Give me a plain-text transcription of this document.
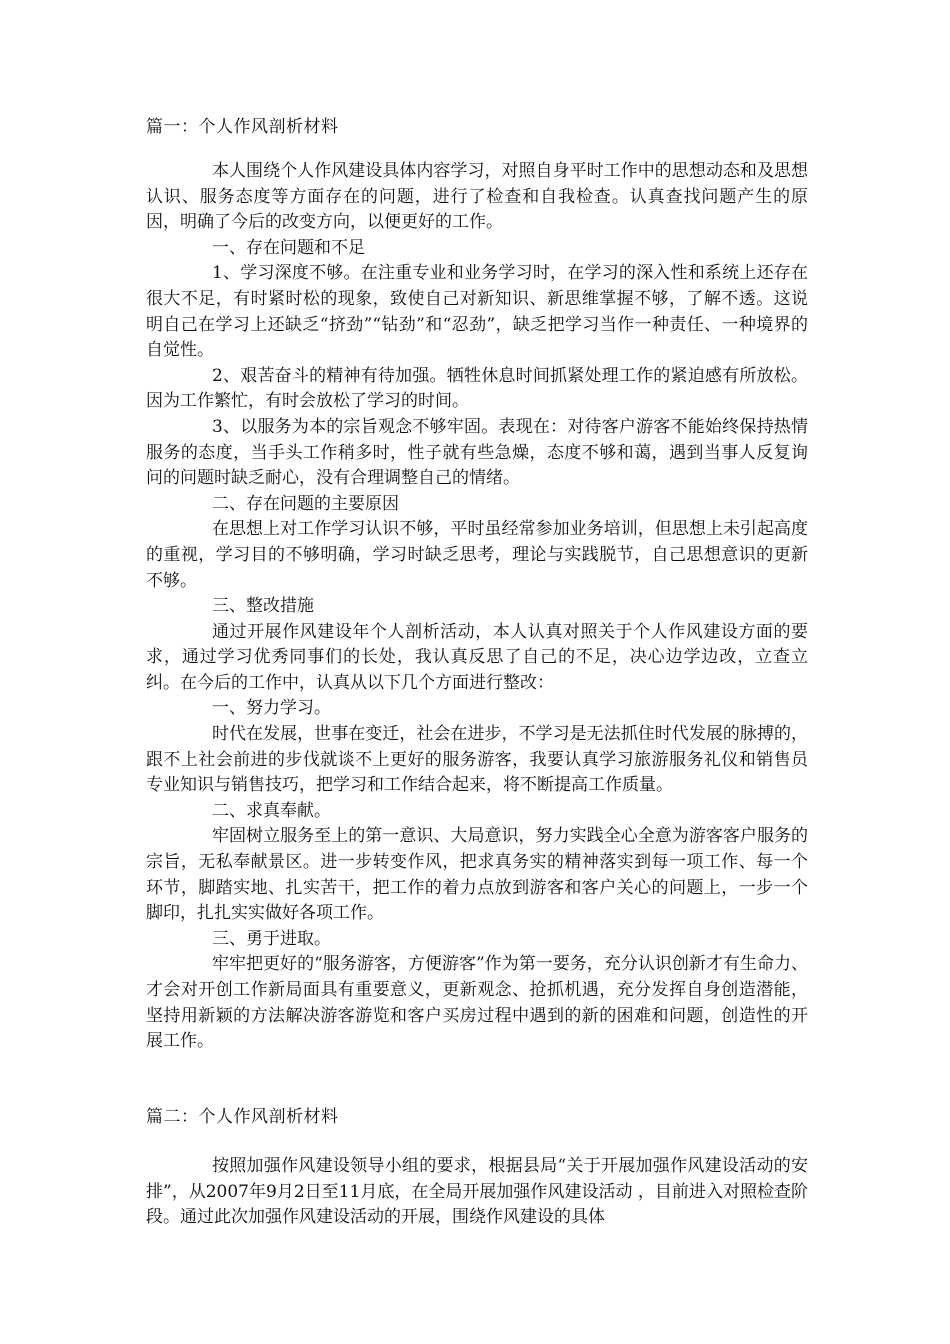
篇一：个人作风剖析材料

本人围绕个人作风建设具体内容学习，对照自身平时工作中的思想动态和及思想认识、服务态度等方面存在的问题，进行了检查和自我检查。认真查找问题产生的原因，明确了今后的改变方向，以便更好的工作。

一、存在问题和不足

1、学习深度不够。在注重专业和业务学习时，在学习的深入性和系统上还存在很大不足，有时紧时松的现象，致使自己对新知识、新思维掌握不够，了解不透。这说明自己在学习上还缺乏“挤劲”“钻劲”和“忍劲”，缺乏把学习当作一种责任、一种境界的自觉性。

2、艰苦奋斗的精神有待加强。牺牲休息时间抓紧处理工作的紧迫感有所放松。因为工作繁忙，有时会放松了学习的时间。

3、以服务为本的宗旨观念不够牢固。表现在：对待客户游客不能始终保持热情服务的态度，当手头工作稍多时，性子就有些急燥，态度不够和蔼，遇到当事人反复询问的问题时缺乏耐心，没有合理调整自己的情绪。

二、存在问题的主要原因

在思想上对工作学习认识不够，平时虽经常参加业务培训，但思想上未引起高度的重视，学习目的不够明确，学习时缺乏思考，理论与实践脱节，自己思想意识的更新不够。

三、整改措施

通过开展作风建设年个人剖析活动，本人认真对照关于个人作风建设方面的要求，通过学习优秀同事们的长处，我认真反思了自己的不足，决心边学边改，立查立纠。在今后的工作中，认真从以下几个方面进行整改：

一、努力学习。

时代在发展，世事在变迁，社会在进步，不学习是无法抓住时代发展的脉搏的，跟不上社会前进的步伐就谈不上更好的服务游客，我要认真学习旅游服务礼仪和销售员专业知识与销售技巧，把学习和工作结合起来，将不断提高工作质量。

二、求真奉献。

牢固树立服务至上的第一意识、大局意识，努力实践全心全意为游客客户服务的宗旨，无私奉献景区。进一步转变作风，把求真务实的精神落实到每一项工作、每一个环节，脚踏实地、扎实苦干，把工作的着力点放到游客和客户关心的问题上，一步一个脚印，扎扎实实做好各项工作。

三、勇于进取。

牢牢把更好的“服务游客，方便游客”作为第一要务，充分认识创新才有生命力、才会对开创工作新局面具有重要意义，更新观念、抢抓机遇，充分发挥自身创造潜能，坚持用新颖的方法解决游客游览和客户买房过程中遇到的新的困难和问题，创造性的开展工作。

篇二：个人作风剖析材料

按照加强作风建设领导小组的要求，根据县局“关于开展加强作风建设活动的安排”，从2007年9月2日至11月底，在全局开展加强作风建设活动 ，目前进入对照检查阶段。通过此次加强作风建设活动的开展，围绕作风建设的具体
